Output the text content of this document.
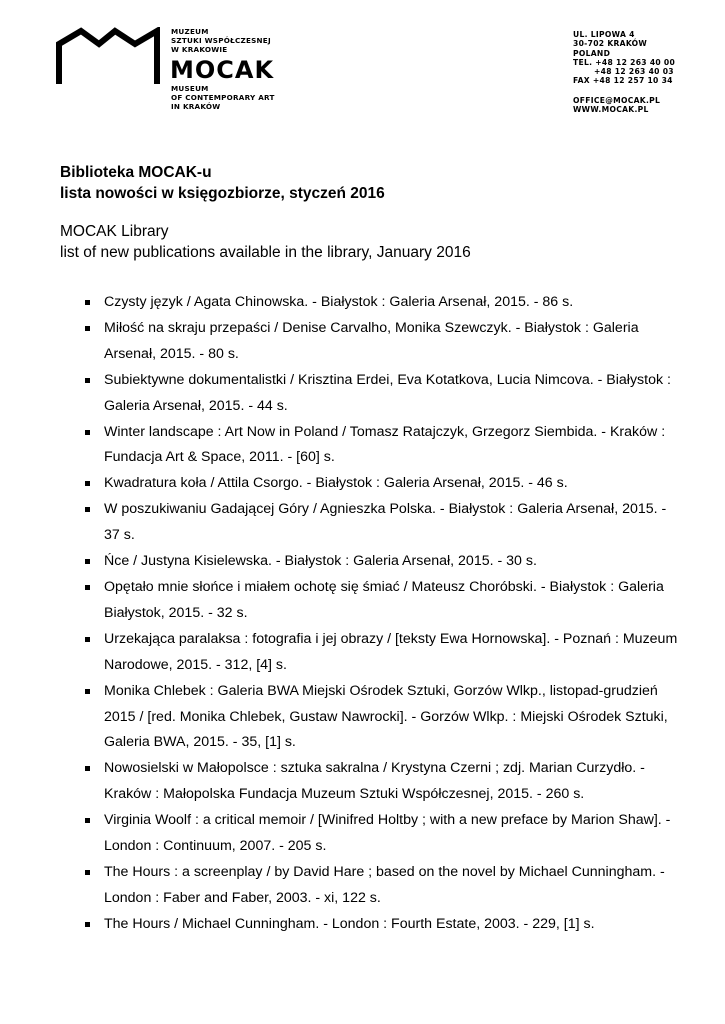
MUZEUM
SZTUKI WSPÓŁCZESNEJ
W KRAKOWIE
MOCAK
MUSEUM
OF CONTEMPORARY ART
IN KRAKÓW
UL. LIPOWA 4
30-702 KRAKÓW
POLAND
TEL. +48 12 263 40 00
+48 12 263 40 03
FAX +48 12 257 10 34
OFFICE@MOCAK.PL
WWW.MOCAK.PL
Biblioteka MOCAK-u
lista nowości w księgozbiorze, styczeń 2016
MOCAK Library
list of new publications available in the library, January 2016
Czysty język / Agata Chinowska. - Białystok : Galeria Arsenał, 2015. - 86 s.
Miłość na skraju przepaści / Denise Carvalho, Monika Szewczyk. - Białystok : Galeria Arsenał, 2015. - 80 s.
Subiektywne dokumentalistki / Krisztina Erdei, Eva Kotatkova, Lucia Nimcova. - Białystok : Galeria Arsenał, 2015. - 44 s.
Winter landscape : Art Now in Poland / Tomasz Ratajczyk, Grzegorz Siembida. - Kraków : Fundacja Art & Space, 2011. - [60] s.
Kwadratura koła / Attila Csorgo. - Białystok : Galeria Arsenał, 2015. - 46 s.
W poszukiwaniu Gadającej Góry / Agnieszka Polska. - Białystok : Galeria Arsenał, 2015. - 37 s.
Ńce / Justyna Kisielewska. - Białystok : Galeria Arsenał, 2015. - 30 s.
Opętało mnie słońce i miałem ochotę się śmiać / Mateusz Choróbski. - Białystok : Galeria Białystok, 2015. - 32 s.
Urzekająca paralaksa : fotografia i jej obrazy / [teksty Ewa Hornowska]. - Poznań : Muzeum Narodowe, 2015. - 312, [4] s.
Monika Chlebek : Galeria BWA Miejski Ośrodek Sztuki, Gorzów Wlkp., listopad-grudzień 2015 / [red. Monika Chlebek, Gustaw Nawrocki]. - Gorzów Wlkp. : Miejski Ośrodek Sztuki, Galeria BWA, 2015. - 35, [1] s.
Nowosielski w Małopolsce : sztuka sakralna / Krystyna Czerni ; zdj. Marian Curzydło. - Kraków : Małopolska Fundacja Muzeum Sztuki Współczesnej, 2015. - 260 s.
Virginia Woolf : a critical memoir / [Winifred Holtby ; with a new preface by Marion Shaw]. - London : Continuum, 2007. - 205 s.
The Hours : a screenplay / by David Hare ; based on the novel by Michael Cunningham. - London : Faber and Faber, 2003. - xi, 122 s.
The Hours / Michael Cunningham. - London : Fourth Estate, 2003. - 229, [1] s.
